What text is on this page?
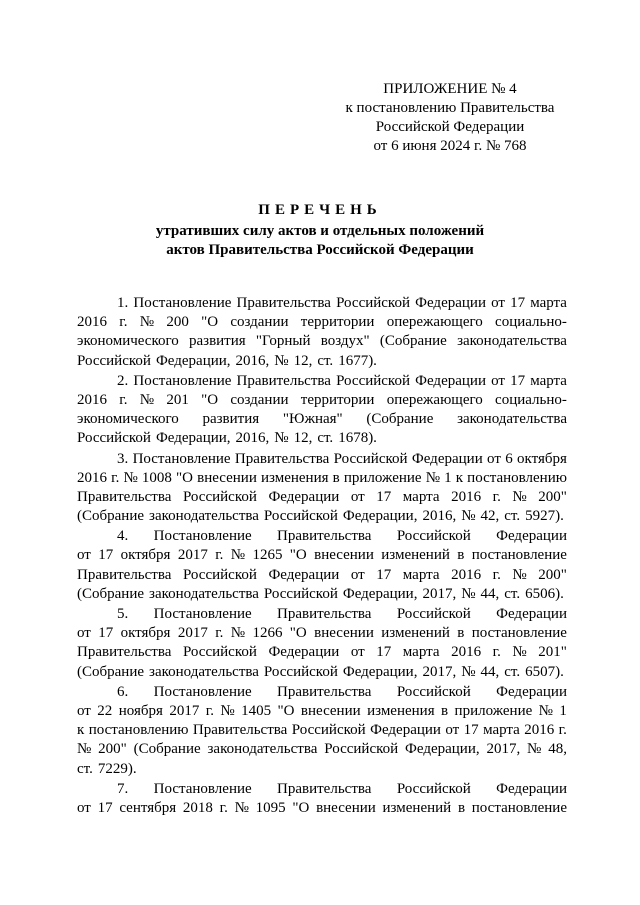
ПРИЛОЖЕНИЕ № 4
к постановлению Правительства
Российской Федерации
от 6 июня 2024 г. № 768
ПЕРЕЧЕНЬ
утративших силу актов и отдельных положений
актов Правительства Российской Федерации
1. Постановление Правительства Российской Федерации от 17 марта
2016 г. № 200 "О создании территории опережающего социально-
экономического развития "Горный воздух" (Собрание законодательства
Российской Федерации, 2016, № 12, ст. 1677).
2. Постановление Правительства Российской Федерации от 17 марта
2016 г. № 201 "О создании территории опережающего социально-
экономического развития "Южная" (Собрание законодательства
Российской Федерации, 2016, № 12, ст. 1678).
3. Постановление Правительства Российской Федерации от 6 октября
2016 г. № 1008 "О внесении изменения в приложение № 1 к постановлению
Правительства Российской Федерации от 17 марта 2016 г. № 200"
(Собрание законодательства Российской Федерации, 2016, № 42, ст. 5927).
4. Постановление Правительства Российской Федерации
от 17 октября 2017 г. № 1265 "О внесении изменений в постановление
Правительства Российской Федерации от 17 марта 2016 г. № 200"
(Собрание законодательства Российской Федерации, 2017, № 44, ст. 6506).
5. Постановление Правительства Российской Федерации
от 17 октября 2017 г. № 1266 "О внесении изменений в постановление
Правительства Российской Федерации от 17 марта 2016 г. № 201"
(Собрание законодательства Российской Федерации, 2017, № 44, ст. 6507).
6. Постановление Правительства Российской Федерации
от 22 ноября 2017 г. № 1405 "О внесении изменения в приложение № 1
к постановлению Правительства Российской Федерации от 17 марта 2016 г.
№ 200" (Собрание законодательства Российской Федерации, 2017, № 48,
ст. 7229).
7. Постановление Правительства Российской Федерации
от 17 сентября 2018 г. № 1095 "О внесении изменений в постановление
